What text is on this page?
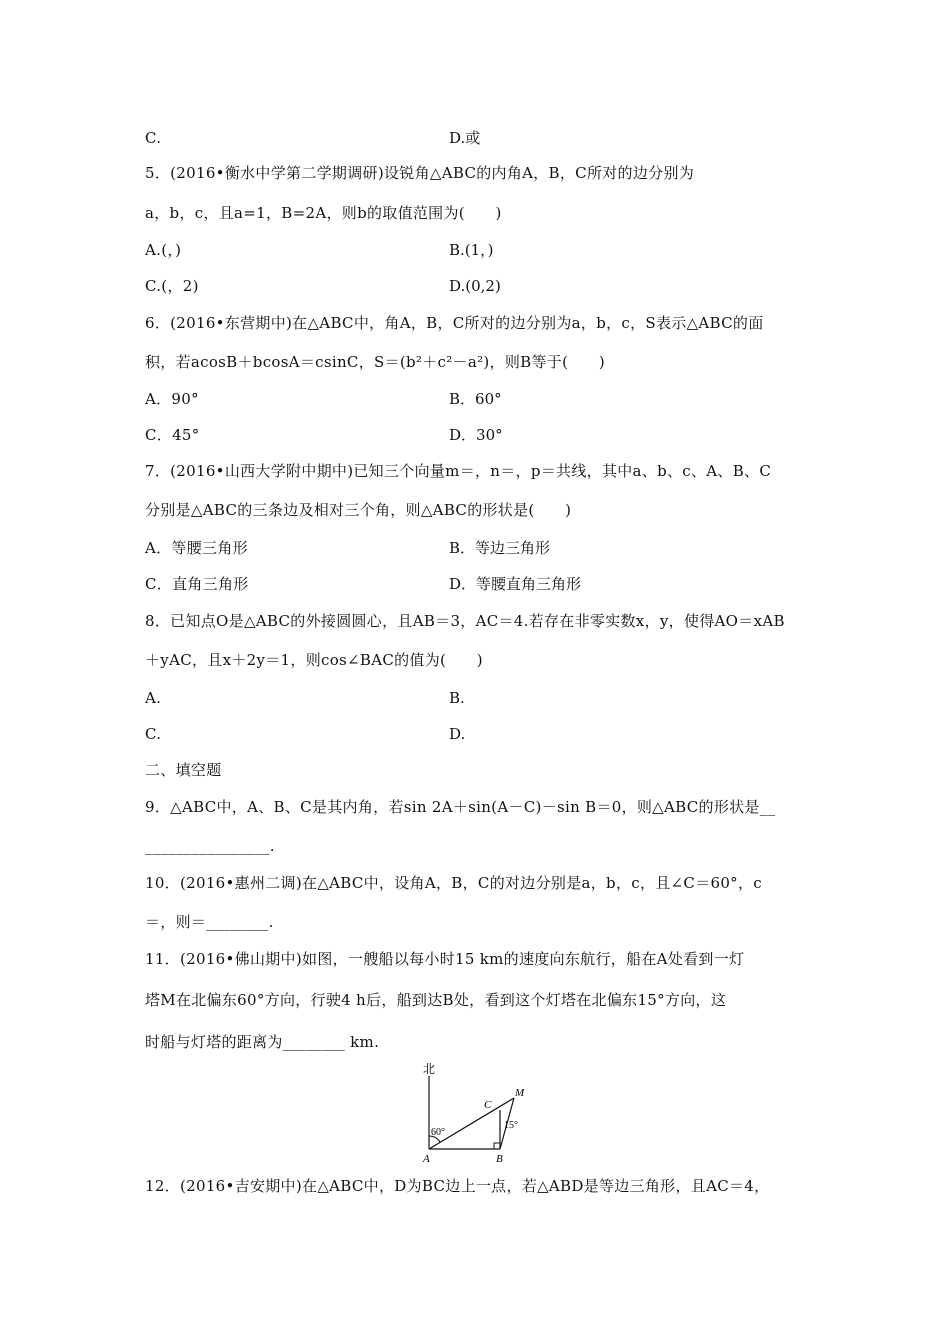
C.	D.或
5．(2016•衡水中学第二学期调研)设锐角△ABC的内角A，B，C所对的边分别为
a，b，c，且a=1，B=2A，则b的取值范围为(　　)
A.(，)	B.(1，)
C.(，2)	D.(0,2)
6．(2016•东营期中)在△ABC中，角A，B，C所对的边分别为a，b，c，S表示△ABC的面
积，若acosB＋bcosA＝csinC，S＝(b²＋c²－a²)，则B等于(　　)
A．90°	B．60°
C．45°	D．30°
7．(2016•山西大学附中期中)已知三个向量m＝，n＝，p＝共线，其中a、b、c、A、B、C
分别是△ABC的三条边及相对三个角，则△ABC的形状是(　　)
A．等腰三角形	B．等边三角形
C．直角三角形	D．等腰直角三角形
8．已知点O是△ABC的外接圆圆心，且AB＝3，AC＝4.若存在非零实数x，y，使得AO＝xAB
＋yAC，且x＋2y＝1，则cos∠BAC的值为(　　)
A.	B.
C.	D.
二、填空题
9．△ABC中，A、B、C是其内角，若sin 2A＋sin(A－C)－sin B＝0，则△ABC的形状是__
________________.
10．(2016•惠州二调)在△ABC中，设角A，B，C的对边分别是a，b，c，且∠C＝60°，c
＝，则＝________.
11．(2016•佛山期中)如图，一艘船以每小时15 km的速度向东航行，船在A处看到一灯
塔M在北偏东60°方向，行驶4 h后，船到达B处，看到这个灯塔在北偏东15°方向，这
时船与灯塔的距离为________ km.
12．(2016•吉安期中)在△ABC中，D为BC边上一点，若△ABD是等边三角形，且AC＝4，
北
A	B
C
M
60°
15°
